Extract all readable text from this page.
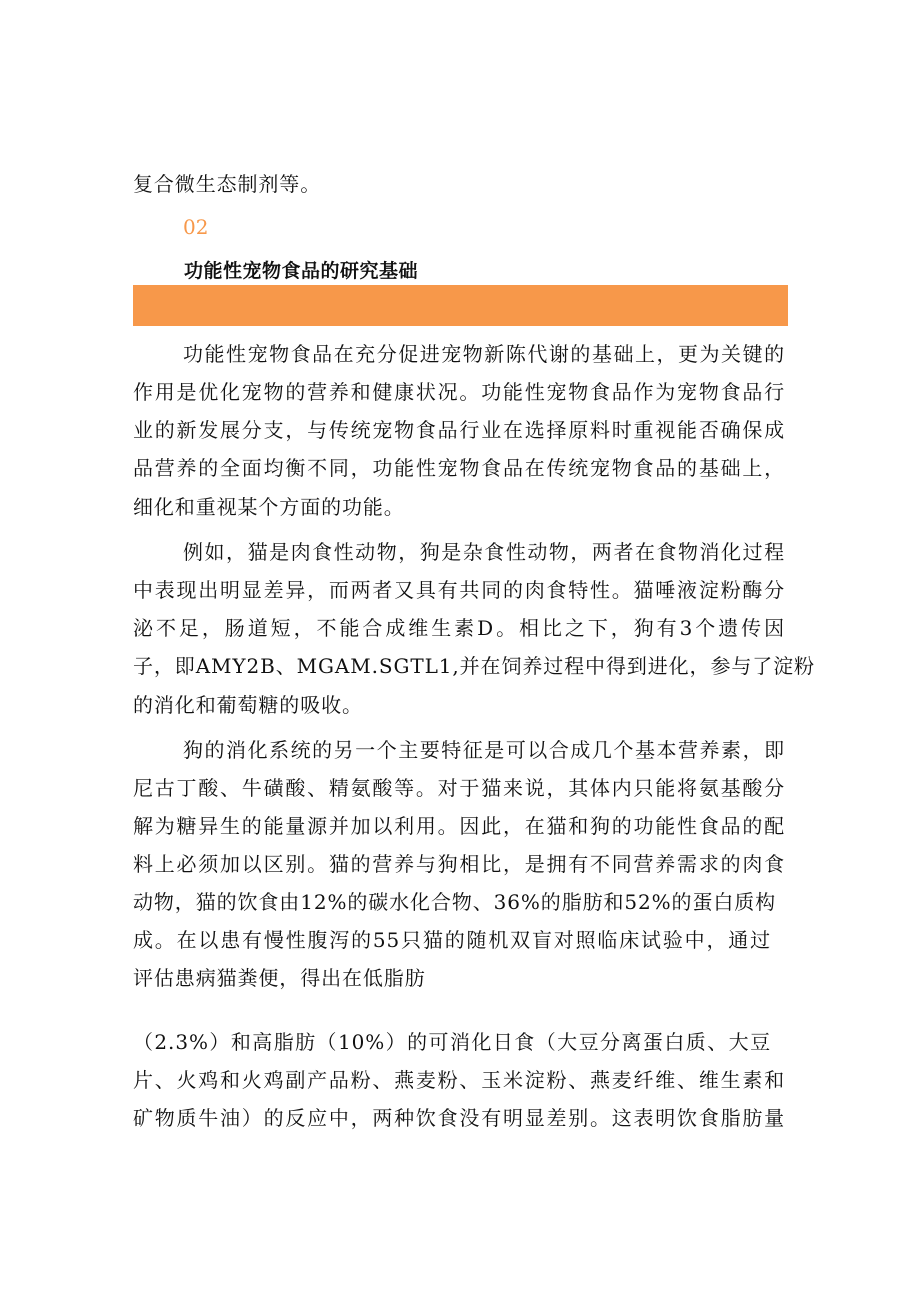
复合微生态制剂等。
02
功能性宠物食品的研究基础
功能性宠物食品在充分促进宠物新陈代谢的基础上，更为关键的
作用是优化宠物的营养和健康状况。功能性宠物食品作为宠物食品行
业的新发展分支，与传统宠物食品行业在选择原料时重视能否确保成
品营养的全面均衡不同，功能性宠物食品在传统宠物食品的基础上，
细化和重视某个方面的功能。
例如，猫是肉食性动物，狗是杂食性动物，两者在食物消化过程
中表现出明显差异，而两者又具有共同的肉食特性。猫唾液淀粉酶分
泌不足，肠道短，不能合成维生素D。相比之下，狗有3个遗传因
子，即AMY2B、MGAM.SGTL1,并在饲养过程中得到进化，参与了淀粉
的消化和葡萄糖的吸收。
狗的消化系统的另一个主要特征是可以合成几个基本营养素，即
尼古丁酸、牛磺酸、精氨酸等。对于猫来说，其体内只能将氨基酸分
解为糖异生的能量源并加以利用。因此，在猫和狗的功能性食品的配
料上必须加以区别。猫的营养与狗相比，是拥有不同营养需求的肉食
动物，猫的饮食由12%的碳水化合物、36%的脂肪和52%的蛋白质构
成。在以患有慢性腹泻的55只猫的随机双盲对照临床试验中，通过
评估患病猫粪便，得出在低脂肪
（2.3%）和高脂肪（10%）的可消化日食（大豆分离蛋白质、大豆
片、火鸡和火鸡副产品粉、燕麦粉、玉米淀粉、燕麦纤维、维生素和
矿物质牛油）的反应中，两种饮食没有明显差别。这表明饮食脂肪量
